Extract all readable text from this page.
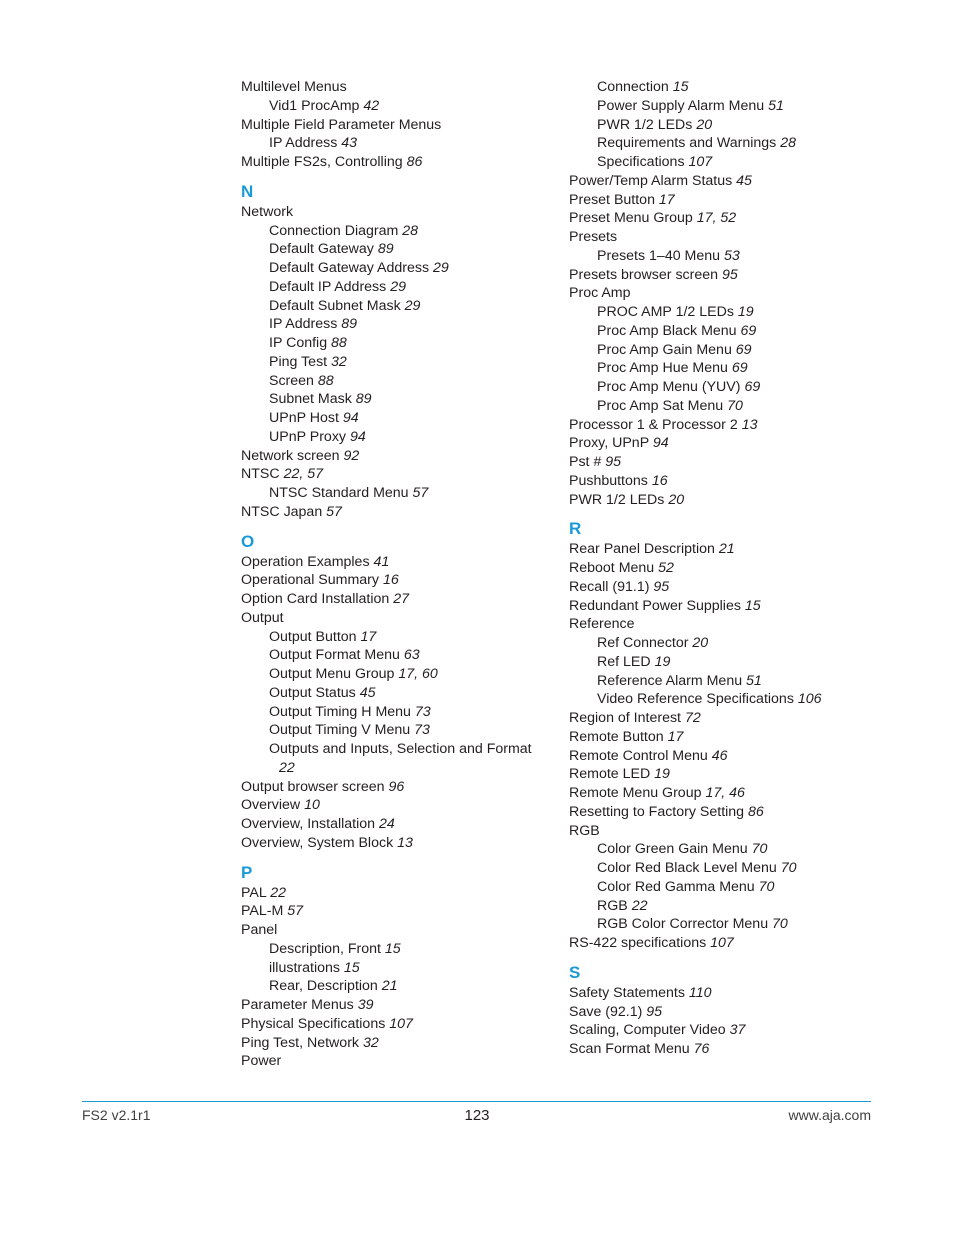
Multilevel Menus
Vid1 ProcAmp 42
Multiple Field Parameter Menus
IP Address 43
Multiple FS2s, Controlling 86
N
Network
Connection Diagram 28
Default Gateway 89
Default Gateway Address 29
Default IP Address 29
Default Subnet Mask 29
IP Address 89
IP Config 88
Ping Test 32
Screen 88
Subnet Mask 89
UPnP Host 94
UPnP Proxy 94
Network screen 92
NTSC 22, 57
NTSC Standard Menu 57
NTSC Japan 57
O
Operation Examples 41
Operational Summary 16
Option Card Installation 27
Output
Output Button 17
Output Format Menu 63
Output Menu Group 17, 60
Output Status 45
Output Timing H Menu 73
Output Timing V Menu 73
Outputs and Inputs, Selection and Format
22
Output browser screen 96
Overview 10
Overview, Installation 24
Overview, System Block 13
P
PAL 22
PAL-M 57
Panel
Description, Front 15
illustrations 15
Rear, Description 21
Parameter Menus 39
Physical Specifications 107
Ping Test, Network 32
Power
Connection 15
Power Supply Alarm Menu 51
PWR 1/2 LEDs 20
Requirements and Warnings 28
Specifications 107
Power/Temp Alarm Status 45
Preset Button 17
Preset Menu Group 17, 52
Presets
Presets 1–40 Menu 53
Presets browser screen 95
Proc Amp
PROC AMP 1/2 LEDs 19
Proc Amp Black Menu 69
Proc Amp Gain Menu 69
Proc Amp Hue Menu 69
Proc Amp Menu (YUV) 69
Proc Amp Sat Menu 70
Processor 1 & Processor 2 13
Proxy, UPnP 94
Pst # 95
Pushbuttons 16
PWR 1/2 LEDs 20
R
Rear Panel Description 21
Reboot Menu 52
Recall (91.1) 95
Redundant Power Supplies 15
Reference
Ref Connector 20
Ref LED 19
Reference Alarm Menu 51
Video Reference Specifications 106
Region of Interest 72
Remote Button 17
Remote Control Menu 46
Remote LED 19
Remote Menu Group 17, 46
Resetting to Factory Setting 86
RGB
Color Green Gain Menu 70
Color Red Black Level Menu 70
Color Red Gamma Menu 70
RGB 22
RGB Color Corrector Menu 70
RS-422 specifications 107
S
Safety Statements 110
Save (92.1) 95
Scaling, Computer Video 37
Scan Format Menu 76
FS2 v2.1r1	123	www.aja.com
